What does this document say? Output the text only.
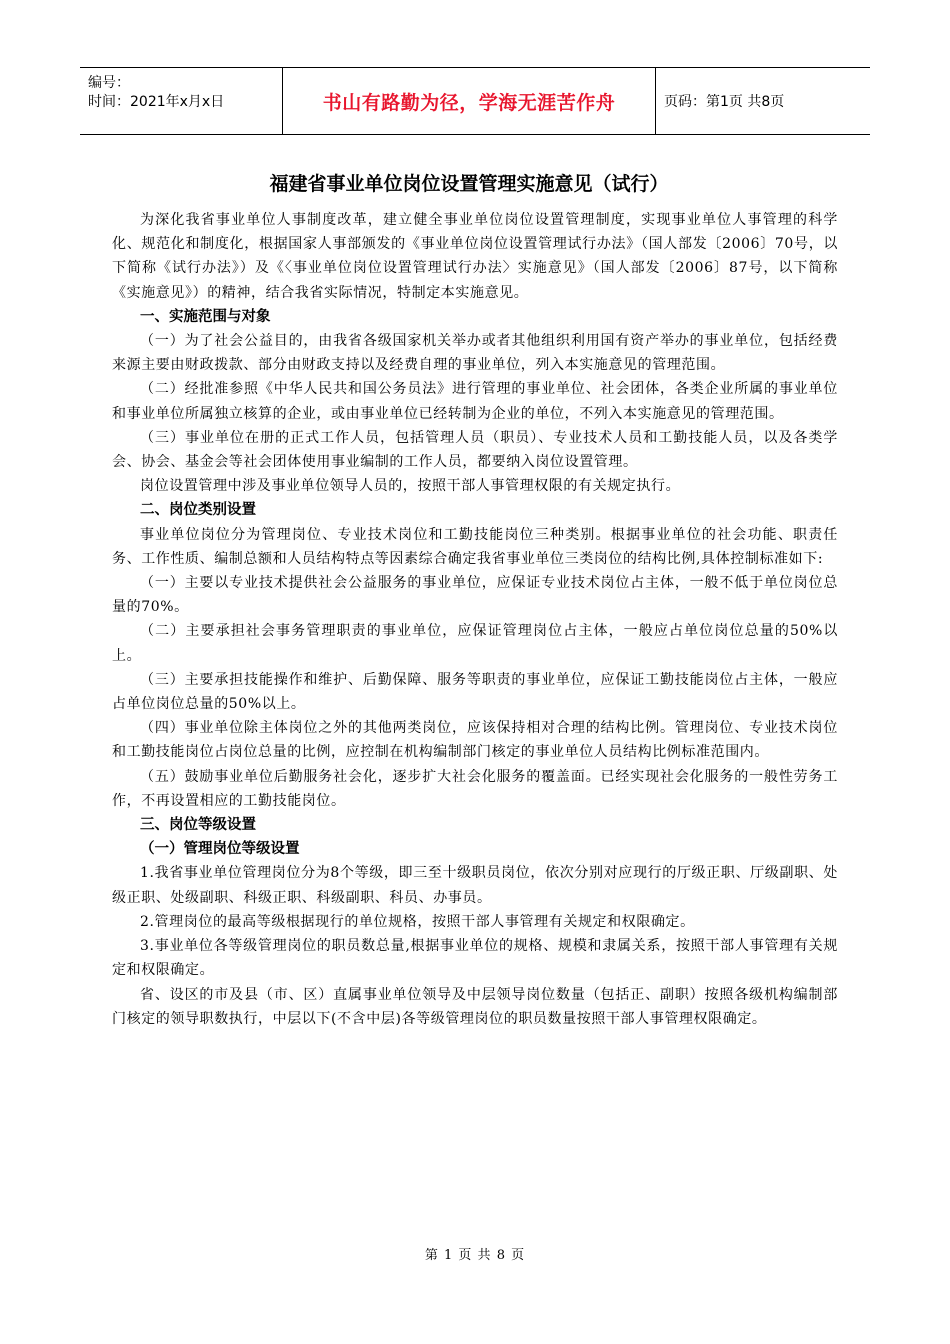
编号：
时间：2021年x月x日	书山有路勤为径，学海无涯苦作舟	页码：第1页 共8页
福建省事业单位岗位设置管理实施意见（试行）

为深化我省事业单位人事制度改革，建立健全事业单位岗位设置管理制度，实现事业单位人事管理的科学化、规范化和制度化，根据国家人事部颁发的《事业单位岗位设置管理试行办法》（国人部发〔2006〕70号，以下简称《试行办法》）及《〈事业单位岗位设置管理试行办法〉实施意见》（国人部发〔2006〕87号，以下简称《实施意见》）的精神，结合我省实际情况，特制定本实施意见。

一、实施范围与对象

（一）为了社会公益目的，由我省各级国家机关举办或者其他组织利用国有资产举办的事业单位，包括经费来源主要由财政拨款、部分由财政支持以及经费自理的事业单位，列入本实施意见的管理范围。

（二）经批准参照《中华人民共和国公务员法》进行管理的事业单位、社会团体，各类企业所属的事业单位和事业单位所属独立核算的企业，或由事业单位已经转制为企业的单位，不列入本实施意见的管理范围。

（三）事业单位在册的正式工作人员，包括管理人员（职员）、专业技术人员和工勤技能人员，以及各类学会、协会、基金会等社会团体使用事业编制的工作人员，都要纳入岗位设置管理。

岗位设置管理中涉及事业单位领导人员的，按照干部人事管理权限的有关规定执行。

二、岗位类别设置

事业单位岗位分为管理岗位、专业技术岗位和工勤技能岗位三种类别。根据事业单位的社会功能、职责任务、工作性质、编制总额和人员结构特点等因素综合确定我省事业单位三类岗位的结构比例,具体控制标准如下:

（一）主要以专业技术提供社会公益服务的事业单位，应保证专业技术岗位占主体，一般不低于单位岗位总量的70%。

（二）主要承担社会事务管理职责的事业单位，应保证管理岗位占主体，一般应占单位岗位总量的50%以上。

（三）主要承担技能操作和维护、后勤保障、服务等职责的事业单位，应保证工勤技能岗位占主体，一般应占单位岗位总量的50%以上。

（四）事业单位除主体岗位之外的其他两类岗位，应该保持相对合理的结构比例。管理岗位、专业技术岗位和工勤技能岗位占岗位总量的比例，应控制在机构编制部门核定的事业单位人员结构比例标准范围内。

（五）鼓励事业单位后勤服务社会化，逐步扩大社会化服务的覆盖面。已经实现社会化服务的一般性劳务工作，不再设置相应的工勤技能岗位。

三、岗位等级设置

（一）管理岗位等级设置

1.我省事业单位管理岗位分为8个等级，即三至十级职员岗位，依次分别对应现行的厅级正职、厅级副职、处级正职、处级副职、科级正职、科级副职、科员、办事员。

2.管理岗位的最高等级根据现行的单位规格，按照干部人事管理有关规定和权限确定。

3.事业单位各等级管理岗位的职员数总量,根据事业单位的规格、规模和隶属关系，按照干部人事管理有关规定和权限确定。

省、设区的市及县（市、区）直属事业单位领导及中层领导岗位数量（包括正、副职）按照各级机构编制部门核定的领导职数执行，中层以下(不含中层)各等级管理岗位的职员数量按照干部人事管理权限确定。

第 1 页 共 8 页
